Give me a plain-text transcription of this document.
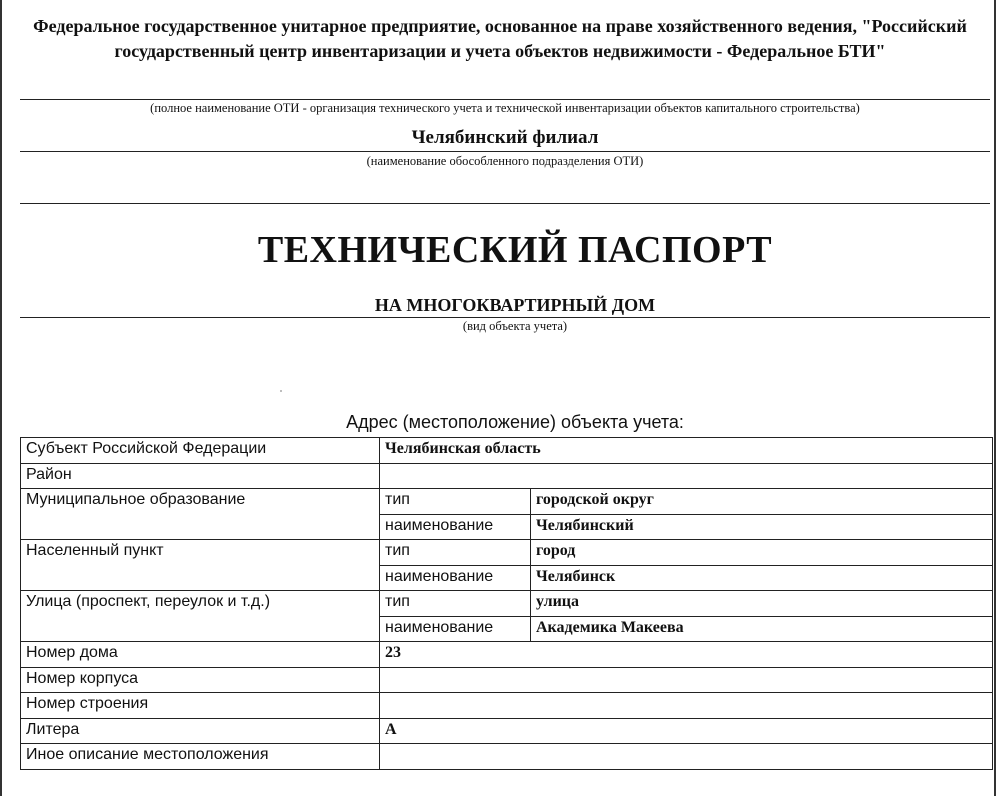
Федеральное государственное унитарное предприятие, основанное на праве хозяйственного ведения, "Российский государственный центр инвентаризации и учета объектов недвижимости - Федеральное БТИ"
(полное наименование ОТИ - организация технического учета и технической инвентаризации объектов капитального строительства)
Челябинский филиал
(наименование обособленного подразделения ОТИ)
ТЕХНИЧЕСКИЙ ПАСПОРТ
НА МНОГОКВАРТИРНЫЙ ДОМ
(вид объекта учета)
Адрес (местоположение) объекта учета:
Субъект Российской Федерации	Челябинская область	
Район		
Муниципальное образование	тип	городской округ
	наименование	Челябинский
Населенный пункт	тип	город
	наименование	Челябинск
Улица (проспект, переулок и т.д.)	тип	улица
	наименование	Академика Макеева
Номер дома	23	
Номер корпуса		
Номер строения		
Литера	А	
Иное описание местоположения		
